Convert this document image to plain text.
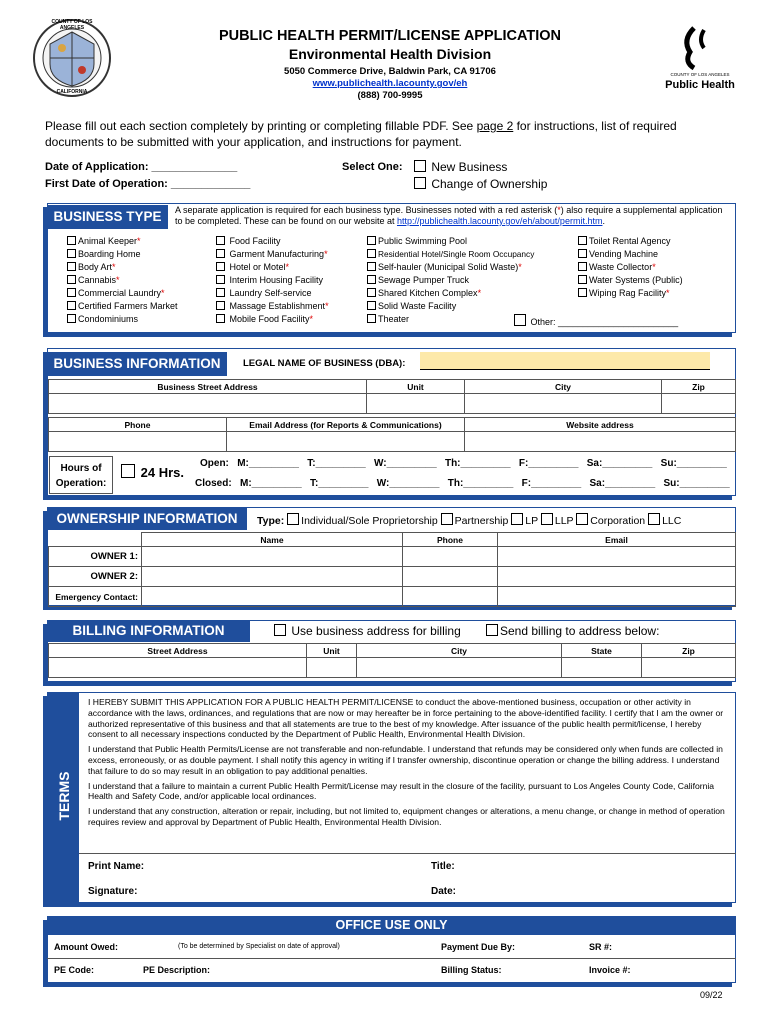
COUNTY OF LOS ANGELES
CALIFORNIA
PUBLIC HEALTH PERMIT/LICENSE APPLICATION
Environmental Health Division
5050 Commerce Drive, Baldwin Park, CA 91706
www.publichealth.lacounty.gov/eh
(888) 700-9995
COUNTY OF LOS ANGELES
Public Health
Please fill out each section completely by printing or completing fillable PDF. See page 2 for instructions, list of required documents to be submitted with your application, and instructions for payment.
Date of Application: ______________
First Date of Operation: _____________
Select One:	New Business
Change of Ownership
BUSINESS TYPE	A separate application is required for each business type. Businesses noted with a red asterisk (*) also require a supplemental application to be completed. These can be found on our website at http://publichealth.lacounty.gov/eh/about/permit.htm.
Animal Keeper*
Boarding Home
Body Art*
Cannabis*
Commercial Laundry*
Certified Farmers Market
Condominiums
Food Facility
Garment Manufacturing*
Hotel or Motel*
Interim Housing Facility
Laundry Self-service
Massage Establishment*
Mobile Food Facility*
Public Swimming Pool
Residential Hotel/Single Room Occupancy
Self-hauler (Municipal Solid Waste)*
Sewage Pumper Truck
Shared Kitchen Complex*
Solid Waste Facility
Theater
Toilet Rental Agency
Vending Machine
Waste Collector*
Water Systems (Public)
Wiping Rag Facility*
Other: ________________________
BUSINESS INFORMATION	LEGAL NAME OF BUSINESS (DBA):
Business Street Address	Unit	City	Zip

Phone	Email Address (for Reports & Communications)	Website address

Hours of Operation:
24 Hrs.
Open:   M:_________   T:_________   W:_________   Th:_________   F:_________   Sa:_________   Su:_________
Closed:   M:_________   T:_________   W:_________   Th:_________   F:_________   Sa:_________   Su:_________
OWNERSHIP INFORMATION	Type: Individual/Sole Proprietorship Partnership LP LLP Corporation LLC
	Name	Phone	Email
OWNER 1:			
OWNER 2:			
Emergency Contact:			
BILLING INFORMATION	Use business address for billing	Send billing to address below:
Street Address	Unit	City	State	Zip

TERMS

I HEREBY SUBMIT THIS APPLICATION FOR A PUBLIC HEALTH PERMIT/LICENSE to conduct the above-mentioned business, occupation or other activity in accordance with the laws, ordinances, and regulations that are now or may hereafter be in force pertaining to the above-identified facility. I certify that I am the owner or authorized representative of this business and that all statements are true to the best of my knowledge. After issuance of the public health permit/license, I hereby consent to all necessary inspections conducted by the Department of Public Health, Environmental Health Division.

I understand that Public Health Permits/License are not transferable and non-refundable. I understand that refunds may be considered only when funds are collected in excess, erroneously, or as double payment. I shall notify this agency in writing if I transfer ownership, discontinue operation or change the billing address. I understand that failure to do so may result in an obligation to pay additional penalties.

I understand that a failure to maintain a current Public Health Permit/License may result in the closure of the facility, pursuant to Los Angeles County Code, California Health and Safety Code, and/or applicable local ordinances.

I understand that any construction, alteration or repair, including, but not limited to, equipment changes or alterations, a menu change, or change in method of operation requires review and approval by Department of Public Health, Environmental Health Division.

Print Name:	Title:
Signature:	Date:
OFFICE USE ONLY
Amount Owed:	(To be determined by Specialist on date of approval)	Payment Due By:	SR #:
PE Code:	PE Description:	Billing Status:	Invoice #:
09/22
